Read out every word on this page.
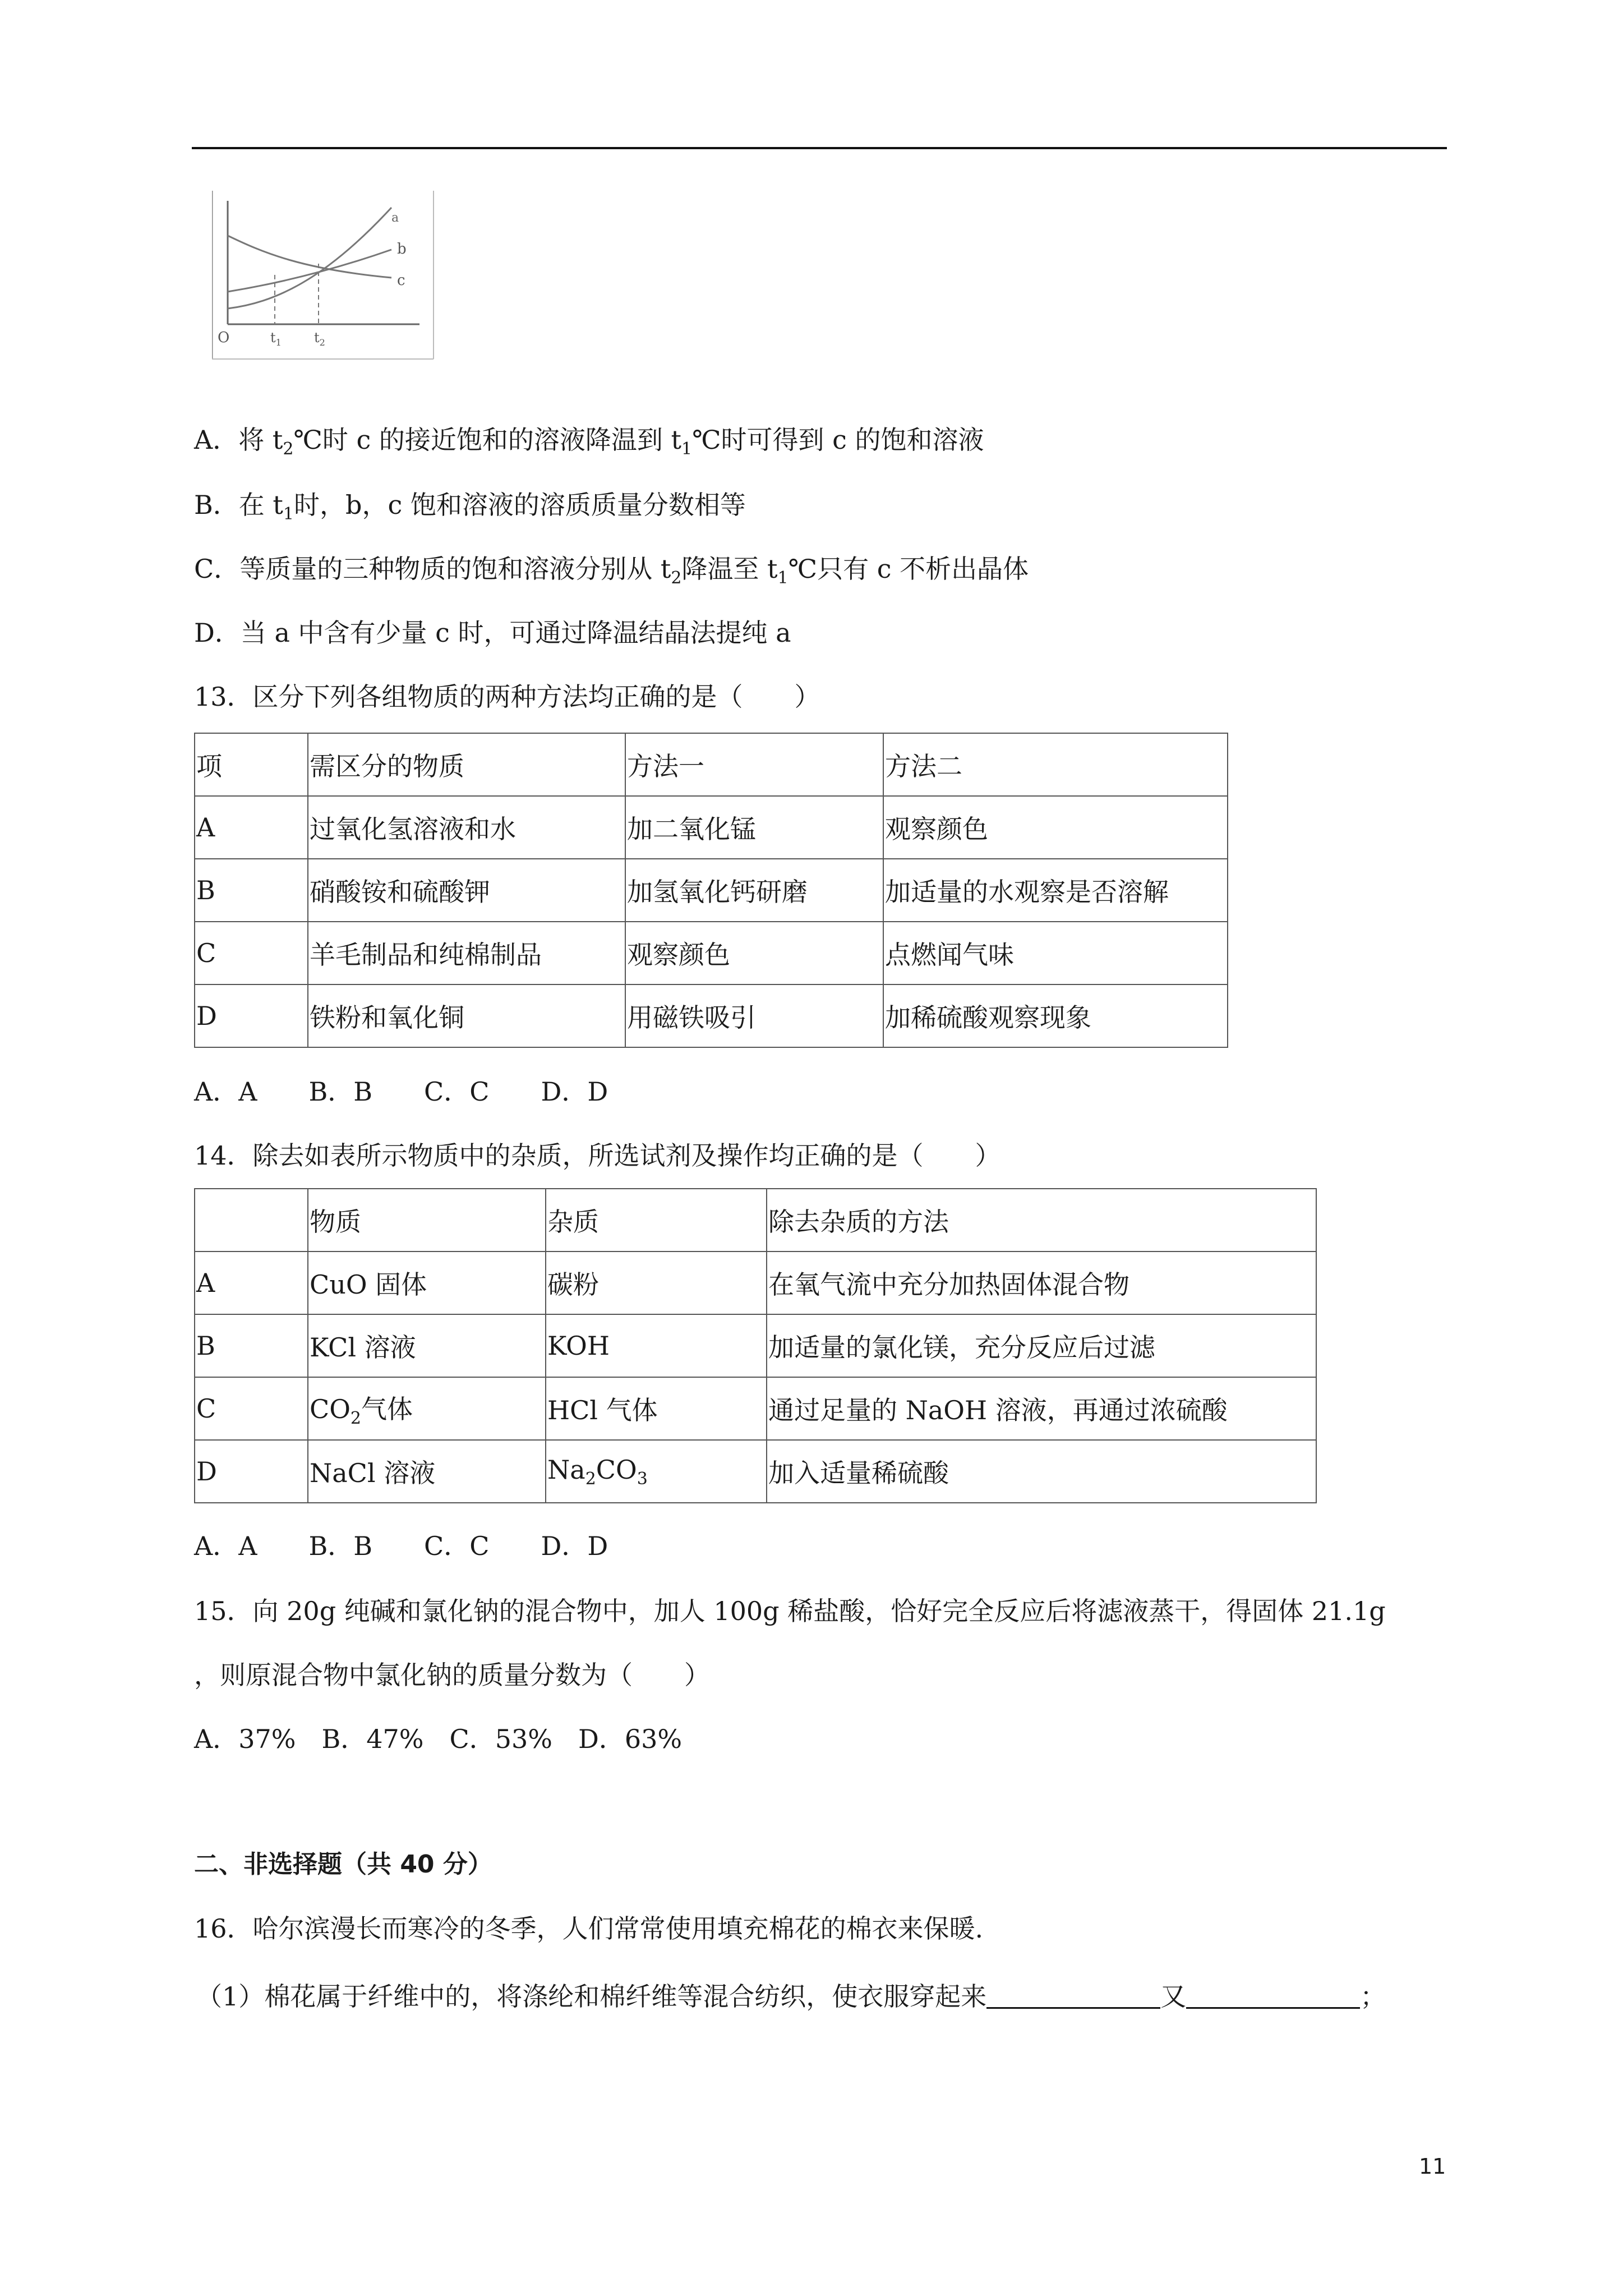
a
b
c
O	$t_1$ $t_2$
A．将 $t_2℃$时 c 的接近饱和的溶液降温到 $t_1℃$时可得到 c 的饱和溶液
B．在 $t_1$时，b，c 饱和溶液的溶质质量分数相等
C．等质量的三种物质的饱和溶液分别从 $t_2$降温至 $t_1℃$只有 c 不析出晶体
D．当 a 中含有少量 c 时，可通过降温结晶法提纯 a
13．区分下列各组物质的两种方法均正确的是（　　）
项	需区分的物质	方法一	方法二
A	过氧化氢溶液和水	加二氧化锰	观察颜色
B	硝酸铵和硫酸钾	加氢氧化钙研磨	加适量的水观察是否溶解
C	羊毛制品和纯棉制品	观察颜色	点燃闻气味
D	铁粉和氧化铜	用磁铁吸引	加稀硫酸观察现象
A．A　　B．B　　C．C　　D．D
14．除去如表所示物质中的杂质，所选试剂及操作均正确的是（　　）
	物质	杂质	除去杂质的方法
A	CuO 固体	碳粉	在氧气流中充分加热固体混合物
B	KCl 溶液	KOH	加适量的氯化镁，充分反应后过滤
C	$CO_2$气体	HCl 气体	通过足量的 NaOH 溶液，再通过浓硫酸
D	NaCl 溶液	$Na_2CO_3$	加入适量稀硫酸
A．A　　B．B　　C．C　　D．D
15．向 20g 纯碱和氯化钠的混合物中，加人 100g 稀盐酸，恰好完全反应后将滤液蒸干，得固体 21.1g
，则原混合物中氯化钠的质量分数为（　　）
A．37%　B．47%　C．53%　D．63%
二、非选择题（共 40 分）
16．哈尔滨漫长而寒冷的冬季，人们常常使用填充棉花的棉衣来保暖.
（1）棉花属于纤维中的，将涤纶和棉纤维等混合纺织，使衣服穿起来	又	；
11
